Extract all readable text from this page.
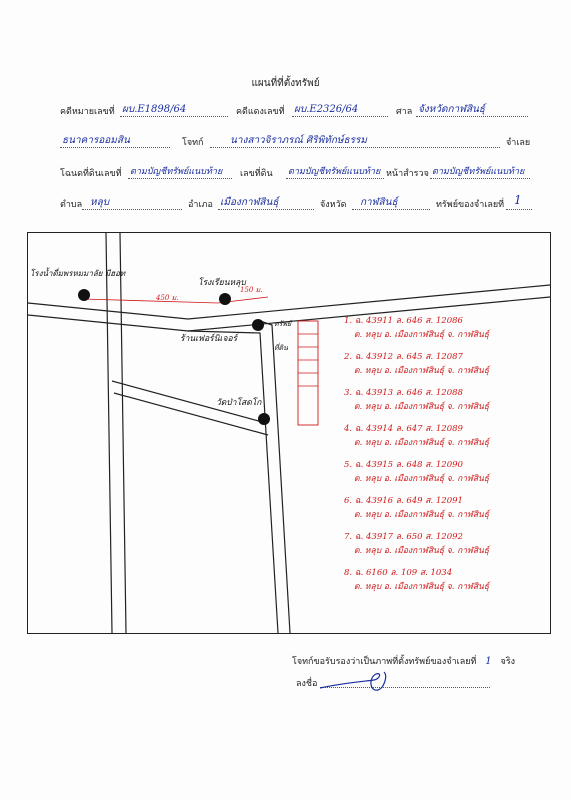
แผนที่ที่ตั้งทรัพย์
คดีหมายเลขที่ ผบ.E1898/64	คดีแดงเลขที่ ผบ.E2326/64	ศาล จังหวัดกาฬสินธุ์
ธนาคารออมสิน	โจทก์	นางสาวจิราภรณ์ ศิริพิทักษ์ธรรม	จำเลย
โฉนดที่ดินเลขที่ ตามบัญชีทรัพย์แนบท้าย เลขที่ดิน ตามบัญชีทรัพย์แนบท้าย หน้าสำรวจ ตามบัญชีทรัพย์แนบท้าย
ตำบล หลุบ	อำเภอ เมืองกาฬสินธุ์	จังหวัด กาฬสินธุ์	ทรัพย์ของจำเลยที่ 1
โรงน้ำดื่มพรหมมาลัย มีฮอท
โรงเรียนหลุบ
ร้านเฟอร์นิเจอร์
วัดป่าโสดโก
450 ม.
150 ม.
ทรัพย์
ที่ดิน
1. ฉ. 43911 ล. 646 ส. 12086
ต. หลุบ อ. เมืองกาฬสินธุ์ จ. กาฬสินธุ์
2. ฉ. 43912 ล. 645 ส. 12087
ต. หลุบ อ. เมืองกาฬสินธุ์ จ. กาฬสินธุ์
3. ฉ. 43913 ล. 646 ส. 12088
ต. หลุบ อ. เมืองกาฬสินธุ์ จ. กาฬสินธุ์
4. ฉ. 43914 ล. 647 ส. 12089
ต. หลุบ อ. เมืองกาฬสินธุ์ จ. กาฬสินธุ์
5. ฉ. 43915 ล. 648 ส. 12090
ต. หลุบ อ. เมืองกาฬสินธุ์ จ. กาฬสินธุ์
6. ฉ. 43916 ล. 649 ส. 12091
ต. หลุบ อ. เมืองกาฬสินธุ์ จ. กาฬสินธุ์
7. ฉ. 43917 ล. 650 ส. 12092
ต. หลุบ อ. เมืองกาฬสินธุ์ จ. กาฬสินธุ์
8. ฉ. 6160 ล. 109 ส. 1034
ต. หลุบ อ. เมืองกาฬสินธุ์ จ. กาฬสินธุ์
โจทก์ขอรับรองว่าเป็นภาพที่ตั้งทรัพย์ของจำเลยที่ 1 จริง
ลงชื่อ
